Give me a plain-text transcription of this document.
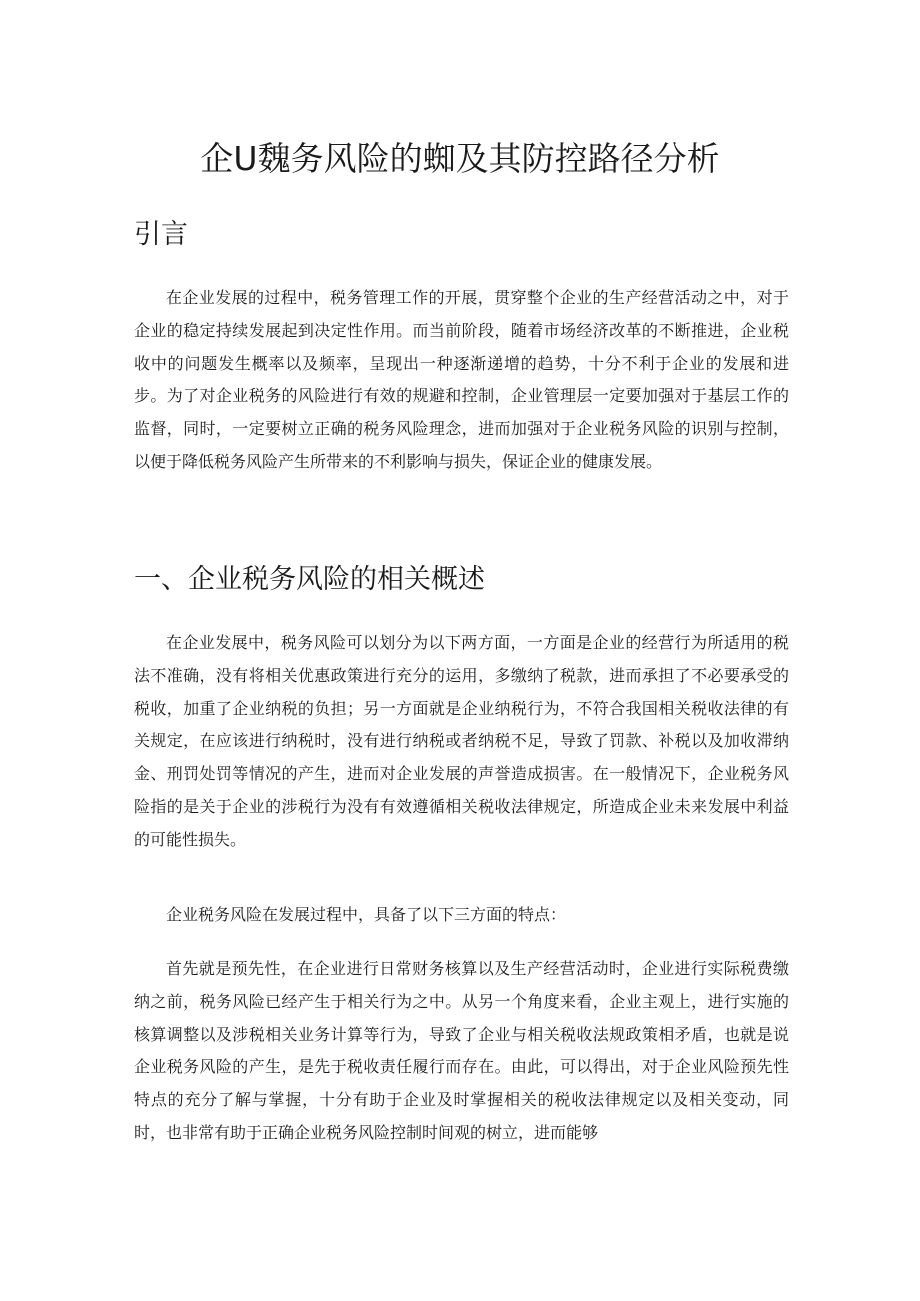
企U魏务风险的蜘及其防控路径分析
引言

在企业发展的过程中，税务管理工作的开展，贯穿整个企业的生产经营活动之中，对于企业的稳定持续发展起到决定性作用。而当前阶段，随着市场经济改革的不断推进，企业税收中的问题发生概率以及频率，呈现出一种逐渐递增的趋势，十分不利于企业的发展和进步。为了对企业税务的风险进行有效的规避和控制，企业管理层一定要加强对于基层工作的监督，同时，一定要树立正确的税务风险理念，进而加强对于企业税务风险的识别与控制，以便于降低税务风险产生所带来的不利影响与损失，保证企业的健康发展。

一、企业税务风险的相关概述

在企业发展中，税务风险可以划分为以下两方面，一方面是企业的经营行为所适用的税法不准确，没有将相关优惠政策进行充分的运用，多缴纳了税款，进而承担了不必要承受的税收，加重了企业纳税的负担；另一方面就是企业纳税行为，不符合我国相关税收法律的有关规定，在应该进行纳税时，没有进行纳税或者纳税不足，导致了罚款、补税以及加收滞纳金、刑罚处罚等情况的产生，进而对企业发展的声誉造成损害。在一般情况下，企业税务风险指的是关于企业的涉税行为没有有效遵循相关税收法律规定，所造成企业未来发展中利益的可能性损失。

企业税务风险在发展过程中，具备了以下三方面的特点：

首先就是预先性，在企业进行日常财务核算以及生产经营活动时，企业进行实际税费缴纳之前，税务风险已经产生于相关行为之中。从另一个角度来看，企业主观上，进行实施的核算调整以及涉税相关业务计算等行为，导致了企业与相关税收法规政策相矛盾，也就是说企业税务风险的产生，是先于税收责任履行而存在。由此，可以得出，对于企业风险预先性特点的充分了解与掌握，十分有助于企业及时掌握相关的税收法律规定以及相关变动，同时，也非常有助于正确企业税务风险控制时间观的树立，进而能够
